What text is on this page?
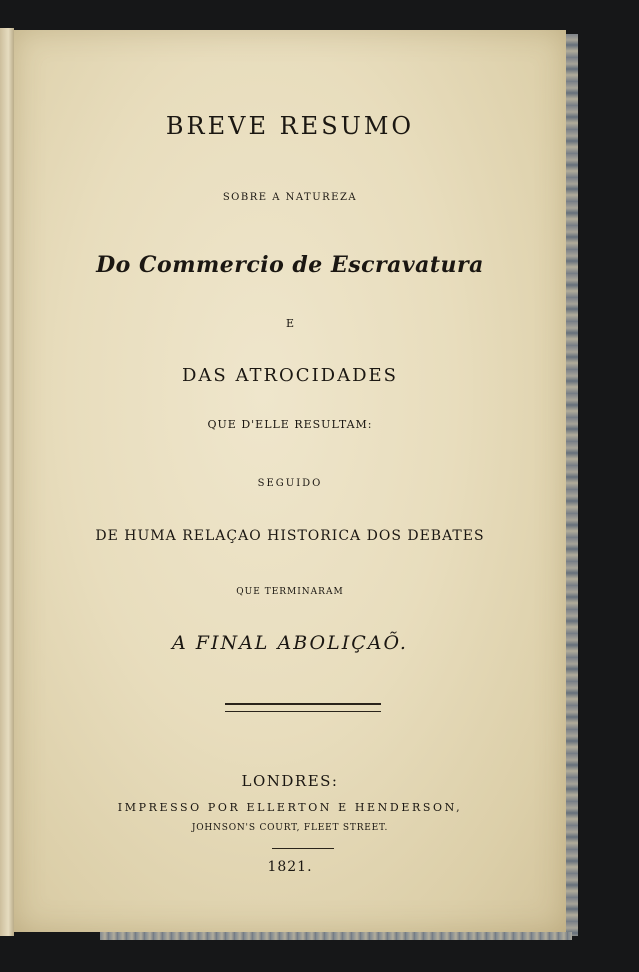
BREVE RESUMO
SOBRE A NATUREZA
Do Commercio de Escravatura
E
DAS ATROCIDADES
QUE D'ELLE RESULTAM:
SEGUIDO
DE HUMA RELAÇAO HISTORICA DOS DEBATES
QUE TERMINARAM
A FINAL ABOLIÇAÕ.
LONDRES:
IMPRESSO POR ELLERTON E HENDERSON,
JOHNSON'S COURT, FLEET STREET.
1821.
